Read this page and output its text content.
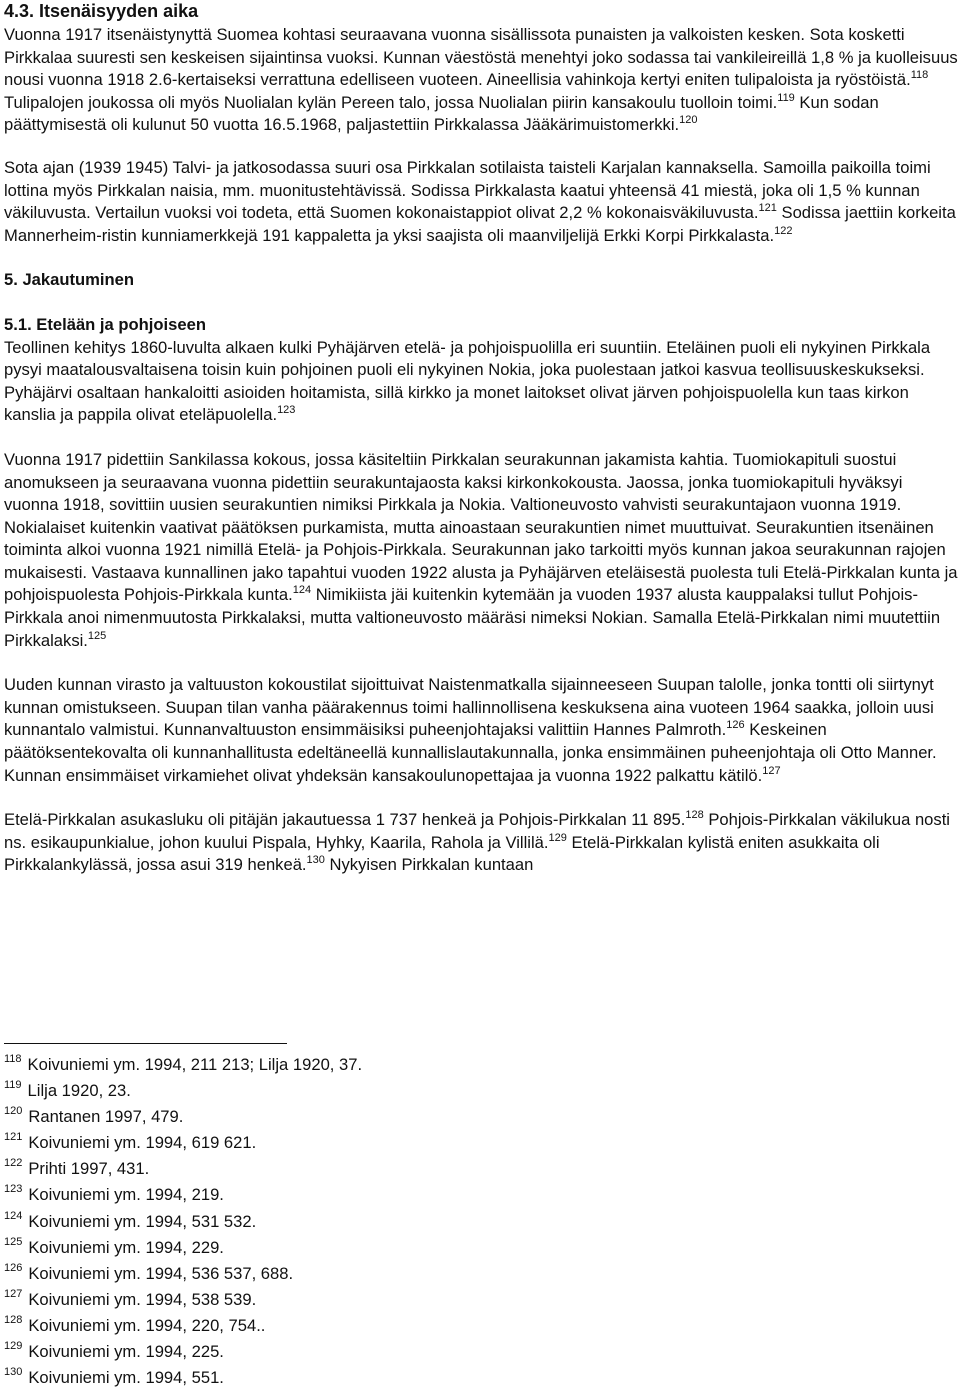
4.3. Itsenäisyyden aika

Vuonna 1917 itsenäistynyttä Suomea kohtasi seuraavana vuonna sisällissota punaisten ja valkoisten kesken. Sota kosketti Pirkkalaa suuresti sen keskeisen sijaintinsa vuoksi. Kunnan väestöstä menehtyi joko sodassa tai vankileireillä 1,8 % ja kuolleisuus nousi vuonna 1918 2.6-kertaiseksi verrattuna edelliseen vuoteen. Aineellisia vahinkoja kertyi eniten tulipaloista ja ryöstöistä.$^{118}$ Tulipalojen joukossa oli myös Nuolialan kylän Pereen talo, jossa Nuolialan piirin kansakoulu tuolloin toimi.$^{119}$ Kun sodan päättymisestä oli kulunut 50 vuotta 16.5.1968, paljastettiin Pirkkalassa Jääkärimuistomerkki.$^{120}$

Sota ajan (1939 1945) Talvi- ja jatkosodassa suuri osa Pirkkalan sotilaista taisteli Karjalan kannaksella. Samoilla paikoilla toimi lottina myös Pirkkalan naisia, mm. muonitustehtävissä. Sodissa Pirkkalasta kaatui yhteensä 41 miestä, joka oli 1,5 % kunnan väkiluvusta. Vertailun vuoksi voi todeta, että Suomen kokonaistappiot olivat 2,2 % kokonaisväkiluvusta.$^{121}$ Sodissa jaettiin korkeita Mannerheim-ristin kunniamerkkejä 191 kappaletta ja yksi saajista oli maanviljelijä Erkki Korpi Pirkkalasta.$^{122}$

5. Jakautuminen
5.1. Etelään ja pohjoiseen

Teollinen kehitys 1860-luvulta alkaen kulki Pyhäjärven etelä- ja pohjoispuolilla eri suuntiin. Eteläinen puoli eli nykyinen Pirkkala pysyi maatalousvaltaisena toisin kuin pohjoinen puoli eli nykyinen Nokia, joka puolestaan jatkoi kasvua teollisuuskeskukseksi. Pyhäjärvi osaltaan hankaloitti asioiden hoitamista, sillä kirkko ja monet laitokset olivat järven pohjoispuolella kun taas kirkon kanslia ja pappila olivat eteläpuolella.$^{123}$

Vuonna 1917 pidettiin Sankilassa kokous, jossa käsiteltiin Pirkkalan seurakunnan jakamista kahtia. Tuomiokapituli suostui anomukseen ja seuraavana vuonna pidettiin seurakuntajaosta kaksi kirkonkokousta. Jaossa, jonka tuomiokapituli hyväksyi vuonna 1918, sovittiin uusien seurakuntien nimiksi Pirkkala ja Nokia. Valtioneuvosto vahvisti seurakuntajaon vuonna 1919. Nokialaiset kuitenkin vaativat päätöksen purkamista, mutta ainoastaan seurakuntien nimet muuttuivat. Seurakuntien itsenäinen toiminta alkoi vuonna 1921 nimillä Etelä- ja Pohjois-Pirkkala. Seurakunnan jako tarkoitti myös kunnan jakoa seurakunnan rajojen mukaisesti. Vastaava kunnallinen jako tapahtui vuoden 1922 alusta ja Pyhäjärven eteläisestä puolesta tuli Etelä-Pirkkalan kunta ja pohjoispuolesta Pohjois-Pirkkala kunta.$^{124}$ Nimikiista jäi kuitenkin kytemään ja vuoden 1937 alusta kauppalaksi tullut Pohjois-Pirkkala anoi nimenmuutosta Pirkkalaksi, mutta valtioneuvosto määräsi nimeksi Nokian. Samalla Etelä-Pirkkalan nimi muutettiin Pirkkalaksi.$^{125}$

Uuden kunnan virasto ja valtuuston kokoustilat sijoittuivat Naistenmatkalla sijainneeseen Suupan talolle, jonka tontti oli siirtynyt kunnan omistukseen. Suupan tilan vanha päärakennus toimi hallinnollisena keskuksena aina vuoteen 1964 saakka, jolloin uusi kunnantalo valmistui. Kunnanvaltuuston ensimmäisiksi puheenjohtajaksi valittiin Hannes Palmroth.$^{126}$ Keskeinen päätöksentekovalta oli kunnanhallitusta edeltäneellä kunnallislautakunnalla, jonka ensimmäinen puheenjohtaja oli Otto Manner. Kunnan ensimmäiset virkamiehet olivat yhdeksän kansakoulunopettajaa ja vuonna 1922 palkattu kätilö.$^{127}$

Etelä-Pirkkalan asukasluku oli pitäjän jakautuessa 1 737 henkeä ja Pohjois-Pirkkalan 11 895.$^{128}$ Pohjois-Pirkkalan väkilukua nosti ns. esikaupunkialue, johon kuului Pispala, Hyhky, Kaarila, Rahola ja Villilä.$^{129}$ Etelä-Pirkkalan kylistä eniten asukkaita oli Pirkkalankylässä, jossa asui 319 henkeä.$^{130}$ Nykyisen Pirkkalan kuntaan

$^{118}$ Koivuniemi ym. 1994, 211 213; Lilja 1920, 37.

$^{119}$ Lilja 1920, 23.

$^{120}$ Rantanen 1997, 479.

$^{121}$ Koivuniemi ym. 1994, 619 621.

$^{122}$ Prihti 1997, 431.

$^{123}$ Koivuniemi ym. 1994, 219.

$^{124}$ Koivuniemi ym. 1994, 531 532.

$^{125}$ Koivuniemi ym. 1994, 229.

$^{126}$ Koivuniemi ym. 1994, 536 537, 688.

$^{127}$ Koivuniemi ym. 1994, 538 539.

$^{128}$ Koivuniemi ym. 1994, 220, 754..

$^{129}$ Koivuniemi ym. 1994, 225.

$^{130}$ Koivuniemi ym. 1994, 551.
